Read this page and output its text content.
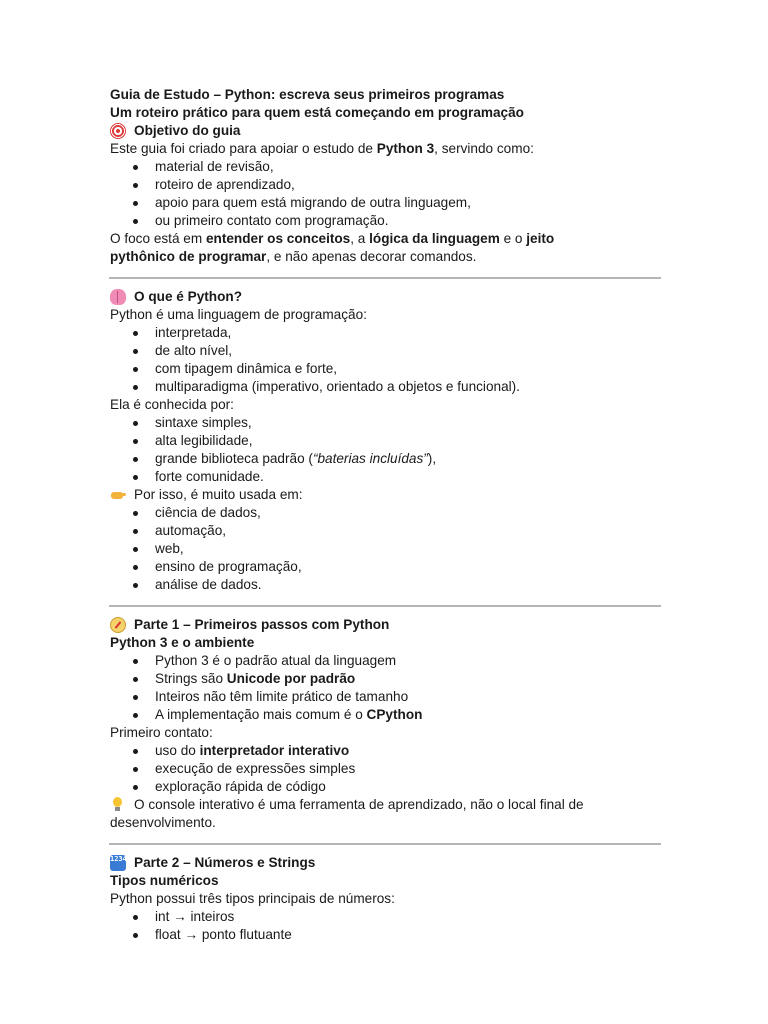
Guia de Estudo – Python: escreva seus primeiros programas

Um roteiro prático para quem está começando em programação

Objetivo do guia

Este guia foi criado para apoiar o estudo de Python 3, servindo como:

material de revisão,
roteiro de aprendizado,
apoio para quem está migrando de outra linguagem,
ou primeiro contato com programação.

O foco está em entender os conceitos, a lógica da linguagem e o jeito

pythônico de programar, e não apenas decorar comandos.

O que é Python?

Python é uma linguagem de programação:

interpretada,
de alto nível,
com tipagem dinâmica e forte,
multiparadigma (imperativo, orientado a objetos e funcional).

Ela é conhecida por:

sintaxe simples,
alta legibilidade,
grande biblioteca padrão (“baterias incluídas”),
forte comunidade.

Por isso, é muito usada em:

ciência de dados,
automação,
web,
ensino de programação,
análise de dados.

Parte 1 – Primeiros passos com Python

Python 3 e o ambiente

Python 3 é o padrão atual da linguagem
Strings são Unicode por padrão
Inteiros não têm limite prático de tamanho
A implementação mais comum é o CPython

Primeiro contato:

uso do interpretador interativo
execução de expressões simples
exploração rápida de código

O console interativo é uma ferramenta de aprendizado, não o local final de

desenvolvimento.

1234 Parte 2 – Números e Strings

Tipos numéricos

Python possui três tipos principais de números:

int → inteiros
float → ponto flutuante
